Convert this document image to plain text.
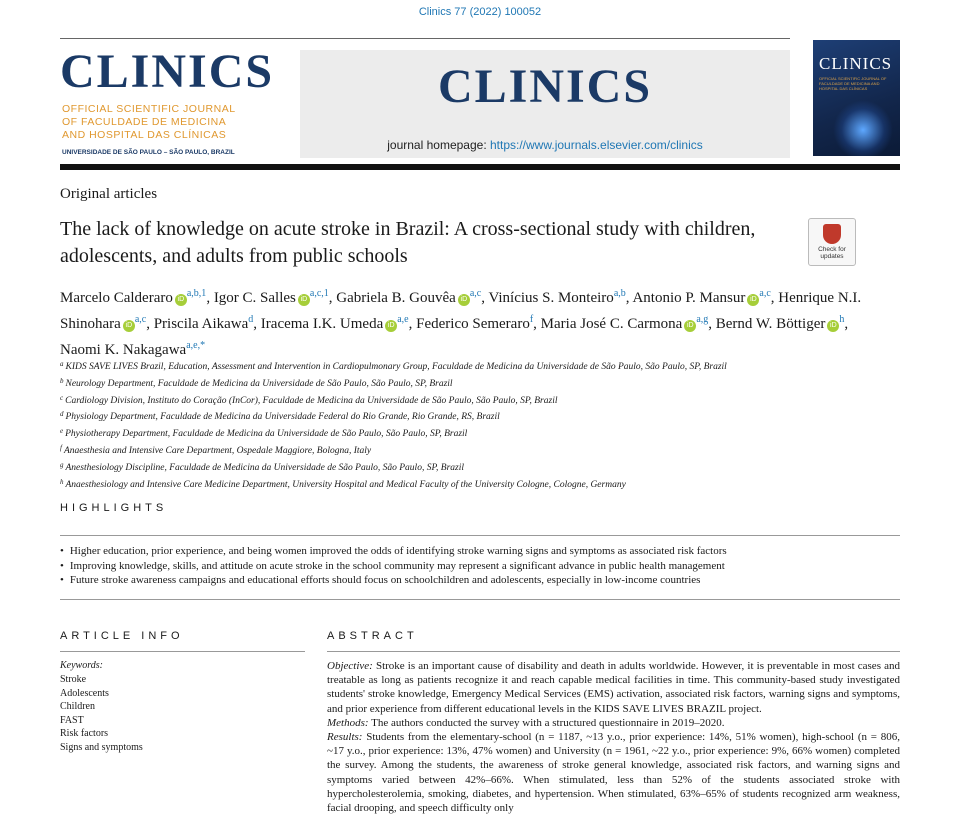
Clinics 77 (2022) 100052
CLINICS
OFFICIAL SCIENTIFIC JOURNAL
OF FACULDADE DE MEDICINA
AND HOSPITAL DAS CLÍNICAS
UNIVERSIDADE DE SÃO PAULO – SÃO PAULO, BRAZIL
CLINICS
journal homepage: https://www.journals.elsevier.com/clinics
CLINICS
OFFICIAL SCIENTIFIC JOURNAL OF FACULDADE DE MEDICINA AND HOSPITAL DAS CLÍNICAS
Original articles
The lack of knowledge on acute stroke in Brazil: A cross-sectional study with children, adolescents, and adults from public schools	Check for updates
Marcelo Calderaro iD$^{a,b,1}$, Igor C. Salles iD$^{a,c,1}$, Gabriela B. Gouvêa iD$^{a,c}$, Vinícius S. Monteiro$^{a,b}$, Antonio P. Mansur iD$^{a,c}$, Henrique N.I. Shinohara iD$^{a,c}$, Priscila Aikawa$^d$, Iracema I.K. Umeda iD$^{a,e}$, Federico Semeraro$^f$, Maria José C. Carmona iD$^{a,g}$, Bernd W. Böttiger $iD^h$, Naomi K. Nakagawa$^{a,e,*}$
$^a$ KIDS SAVE LIVES Brazil, Education, Assessment and Intervention in Cardiopulmonary Group, Faculdade de Medicina da Universidade de São Paulo, São Paulo, SP, Brazil
$^b$ Neurology Department, Faculdade de Medicina da Universidade de São Paulo, São Paulo, SP, Brazil
$^c$ Cardiology Division, Instituto do Coração (InCor), Faculdade de Medicina da Universidade de São Paulo, São Paulo, SP, Brazil
$^d$ Physiology Department, Faculdade de Medicina da Universidade Federal do Rio Grande, Rio Grande, RS, Brazil
$^e$ Physiotherapy Department, Faculdade de Medicina da Universidade de São Paulo, São Paulo, SP, Brazil
$^f$ Anaesthesia and Intensive Care Department, Ospedale Maggiore, Bologna, Italy
$^g$ Anesthesiology Discipline, Faculdade de Medicina da Universidade de São Paulo, São Paulo, SP, Brazil
$^h$ Anaesthesiology and Intensive Care Medicine Department, University Hospital and Medical Faculty of the University Cologne, Cologne, Germany
HIGHLIGHTS
• Higher education, prior experience, and being women improved the odds of identifying stroke warning signs and symptoms as associated risk factors
• Improving knowledge, skills, and attitude on acute stroke in the school community may represent a significant advance in public health management
• Future stroke awareness campaigns and educational efforts should focus on schoolchildren and adolescents, especially in low-income countries
ARTICLE INFO
Keywords:
Stroke
Adolescents
Children
FAST
Risk factors
Signs and symptoms
ABSTRACT

Objective: Stroke is an important cause of disability and death in adults worldwide. However, it is preventable in most cases and treatable as long as patients recognize it and reach capable medical facilities in time. This community-based study investigated students' stroke knowledge, Emergency Medical Services (EMS) activation, associated risk factors, warning signs and symptoms, and prior experience from different educational levels in the KIDS SAVE LIVES BRAZIL project.

Methods: The authors conducted the survey with a structured questionnaire in 2019–2020.

Results: Students from the elementary-school (n = 1187, ~13 y.o., prior experience: 14%, 51% women), high-school (n = 806, ~17 y.o., prior experience: 13%, 47% women) and University (n = 1961, ~22 y.o., prior experience: 9%, 66% women) completed the survey. Among the students, the awareness of stroke general knowledge, associated risk factors, and warning signs and symptoms varied between 42%–66%. When stimulated, less than 52% of the students associated stroke with hypercholesterolemia, smoking, diabetes, and hypertension. When stimulated, 63%–65% of students recognized arm weakness, facial drooping, and speech difficulty only
